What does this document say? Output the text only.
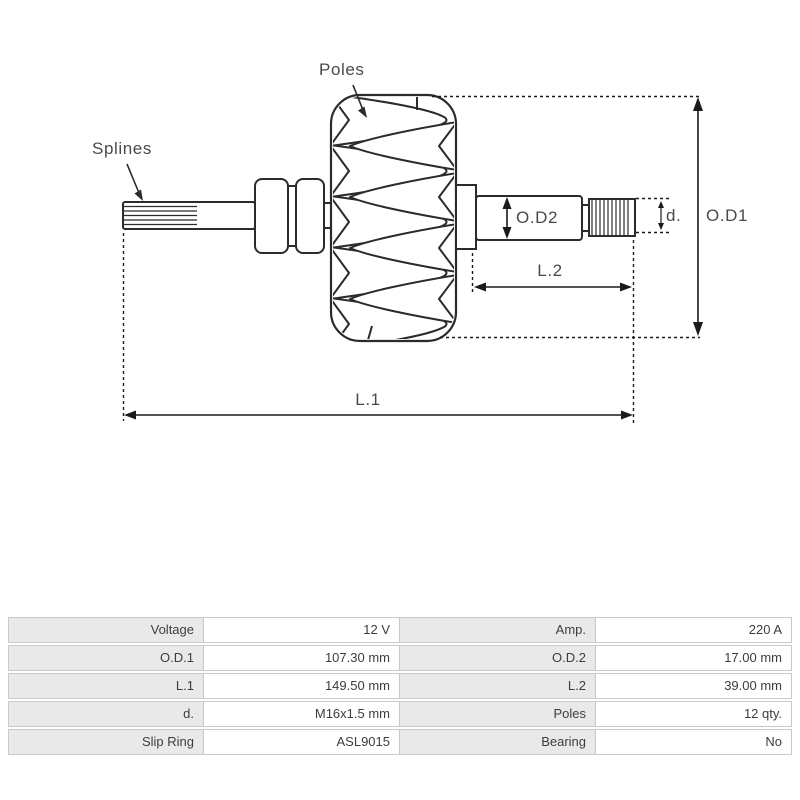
Splines
Poles
O.D2
L.2
d. O.D1
L.1
Voltage	12 V	Amp.	220 A
O.D.1	107.30 mm	O.D.2	17.00 mm
L.1	149.50 mm	L.2	39.00 mm
d.	M16x1.5 mm	Poles	12 qty.
Slip Ring	ASL9015	Bearing	No
